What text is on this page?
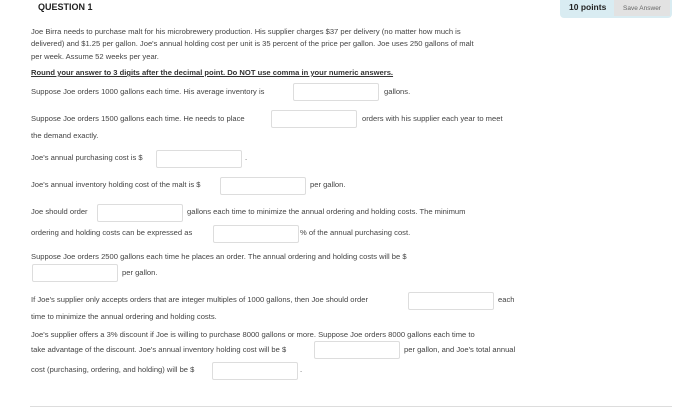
QUESTION 1	10 points	Save Answer
Joe Birra needs to purchase malt for his microbrewery production. His supplier charges $37 per delivery (no matter how much is
delivered) and $1.25 per gallon. Joe's annual holding cost per unit is 35 percent of the price per gallon. Joe uses 250 gallons of malt
per week. Assume 52 weeks per year.
Round your answer to 3 digits after the decimal point. Do NOT use comma in your numeric answers.
Suppose Joe orders 1000 gallons each time. His average inventory is	gallons.
Suppose Joe orders 1500 gallons each time. He needs to place	orders with his supplier each year to meet
the demand exactly.
Joe's annual purchasing cost is $	.
Joe's annual inventory holding cost of the malt is $	per gallon.
Joe should order	gallons each time to minimize the annual ordering and holding costs. The minimum
ordering and holding costs can be expressed as	% of the annual purchasing cost.
Suppose Joe orders 2500 gallons each time he places an order. The annual ordering and holding costs will be $
per gallon.
If Joe's supplier only accepts orders that are integer multiples of 1000 gallons, then Joe should order	each
time to minimize the annual ordering and holding costs.
Joe's supplier offers a 3% discount if Joe is willing to purchase 8000 gallons or more. Suppose Joe orders 8000 gallons each time to
take advantage of the discount. Joe's annual inventory holding cost will be $	per gallon, and Joe's total annual
cost (purchasing, ordering, and holding) will be $	.
